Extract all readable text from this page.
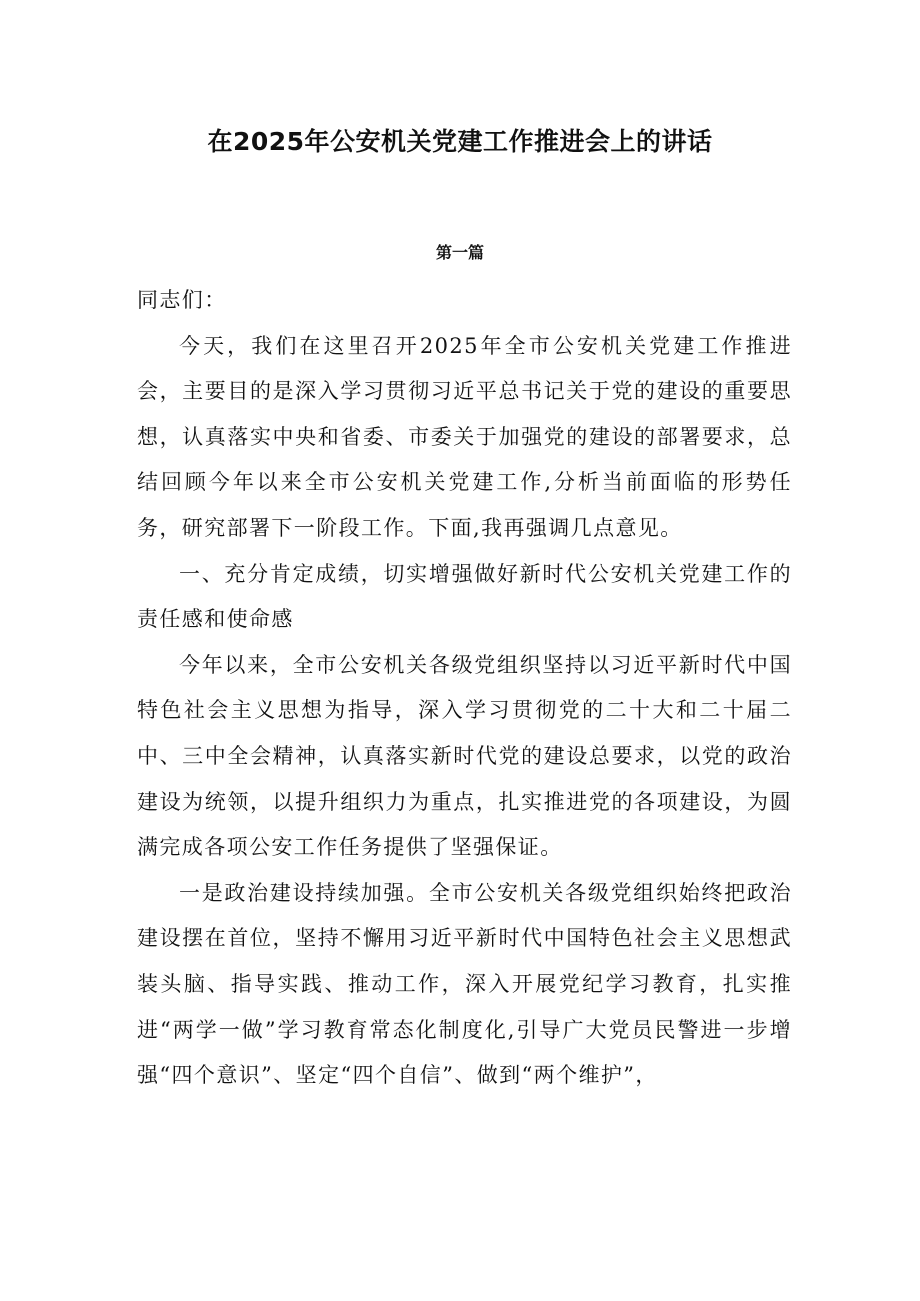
在2025年公安机关党建工作推进会上的讲话
第一篇

同志们：

今天，我们在这里召开2025年全市公安机关党建工作推进会，主要目的是深入学习贯彻习近平总书记关于党的建设的重要思想，认真落实中央和省委、市委关于加强党的建设的部署要求，总结回顾今年以来全市公安机关党建工作,分析当前面临的形势任务，研究部署下一阶段工作。下面,我再强调几点意见。

一、充分肯定成绩，切实增强做好新时代公安机关党建工作的责任感和使命感

今年以来，全市公安机关各级党组织坚持以习近平新时代中国特色社会主义思想为指导，深入学习贯彻党的二十大和二十届二中、三中全会精神，认真落实新时代党的建设总要求，以党的政治建设为统领，以提升组织力为重点，扎实推进党的各项建设，为圆满完成各项公安工作任务提供了坚强保证。

一是政治建设持续加强。全市公安机关各级党组织始终把政治建设摆在首位，坚持不懈用习近平新时代中国特色社会主义思想武装头脑、指导实践、推动工作，深入开展党纪学习教育，扎实推进“两学一做”学习教育常态化制度化,引导广大党员民警进一步增强“四个意识”、坚定“四个自信”、做到“两个维护”，
